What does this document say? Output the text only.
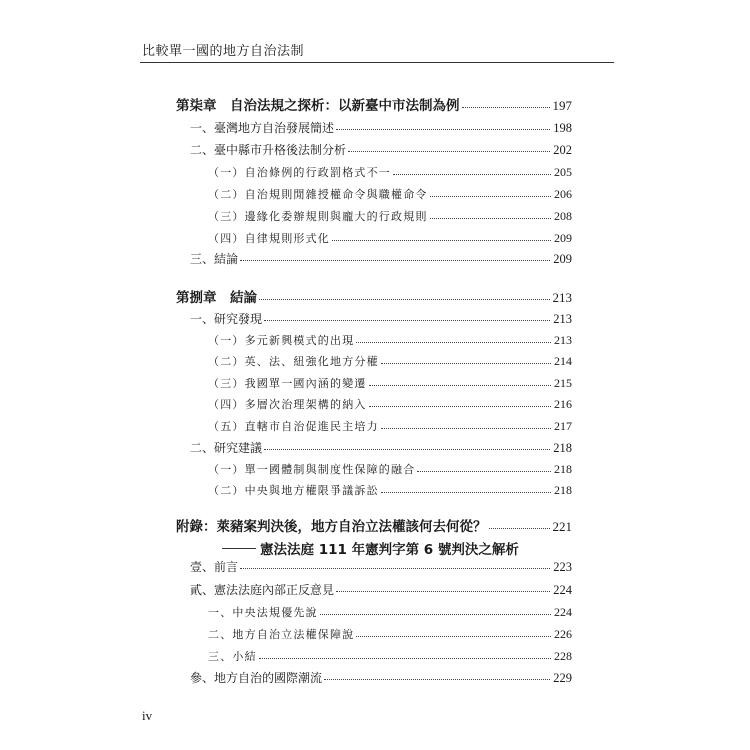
比較單一國的地方自治法制
第柒章　自治法規之探析：以新臺中市法制為例	197
一、臺灣地方自治發展簡述	198
二、臺中縣市升格後法制分析	202
（一）自治條例的行政罰格式不一	205
（二）自治規則閒雜授權命令與職權命令	206
（三）邊緣化委辦規則與龐大的行政規則	208
（四）自律規則形式化	209
三、結論	209
第捌章　結論	213
一、研究發現	213
（一）多元新興模式的出現	213
（二）英、法、紐強化地方分權	214
（三）我國單一國內涵的變遷	215
（四）多層次治理架構的納入	216
（五）直轄市自治促進民主培力	217
二、研究建議	218
（一）單一國體制與制度性保障的融合	218
（二）中央與地方權限爭議訴訟	218
附錄：萊豬案判決後，地方自治立法權該何去何從？	221
壹、前言	223
貳、憲法法庭內部正反意見	224
一、中央法規優先說	224
二、地方自治立法權保障說	226
三、小結	228
參、地方自治的國際潮流	229
憲法法庭 111 年憲判字第 6 號判決之解析
iv
